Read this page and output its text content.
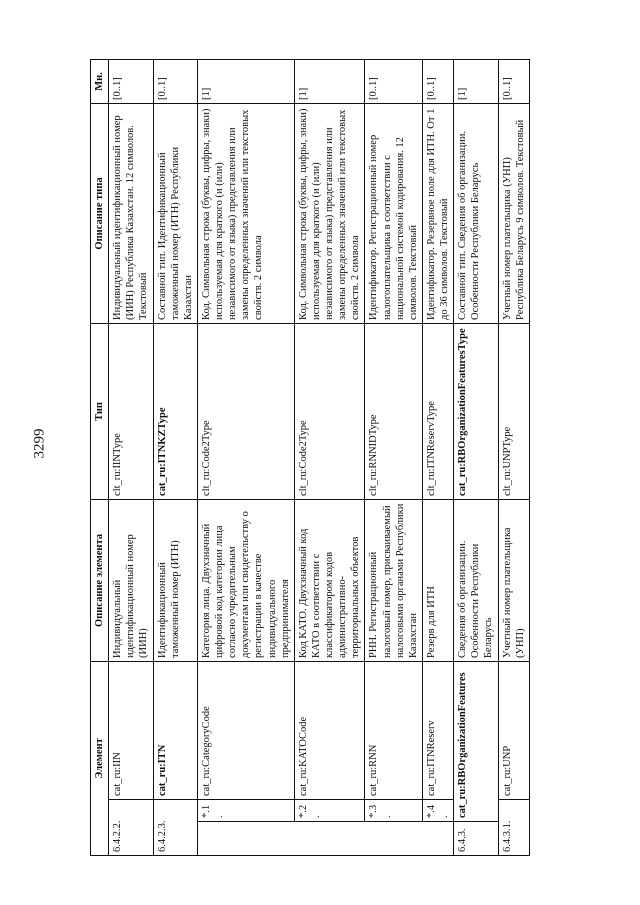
3299
Элемент			Описание элемента	Тип	Описание типа	Мн.
6.4.2.2.		cat_ru:IIN	Индивидуальный идентификационный номер (ИИН)	clt_ru:IINType	Индивидуальный идентификационный номер (ИИН) Республика Казахстан. 12 символов. Текстовый	[0..1]
6.4.2.3.		cat_ru:ITN	Идентификационный таможенный номер (ИТН)	cat_ru:ITNKZType	Составной тип. Идентификационный таможенный номер (ИТН) Республики Казахстан	[0..1]
	*.1.	cat_ru:CategoryCode	Категория лица. Двухзначный цифровой код категории лица согласно учредительным документам или свидетельству о регистрации в качестве индивидуального предпринимателя	clt_ru:Code2Type	Код. Символьная строка (буквы, цифры, знаки) используемая для краткого (и (или) независимого от языка) представления или замены определенных значений или текстовых свойств. 2 символа	[1]
	*.2.	cat_ru:KATOCode	Код КАТО. Двухзначный код КАТО в соответствии с классификатором кодов административно-территориальных объектов	clt_ru:Code2Type	Код. Символьная строка (буквы, цифры, знаки) используемая для краткого (и (или) независимого от языка) представления или замены определенных значений или текстовых свойств. 2 символа	[1]
	*.3.	cat_ru:RNN	РНН. Регистрационный налоговый номер, присваиваемый налоговыми органами Республики Казахстан	clt_ru:RNNIDType	Идентификатор. Регистрационный номер налогоплательщика в соответствии с национальной системой кодирования. 12 символов. Текстовый	[0..1]
	*.4.	cat_ru:ITNReserv	Резерв для ИТН	clt_ru:ITNReservType	Идентификатор. Резервное поле для ИТН. От 1 до 36 символов. Текстовый	[0..1]
6.4.3.	cat_ru:RBOrganizationFeatures		Сведения об организации. Особенности Республики Беларусь	cat_ru:RBOrganizationFeaturesType	Составной тип. Сведения об организации. Особенности Республики Беларусь	[1]
6.4.3.1.		cat_ru:UNP	Учетный номер плательщика (УНП)	clt_ru:UNPType	Учетный номер плательщика (УНП) Республика Беларусь 9 символов. Текстовый	[0..1]
